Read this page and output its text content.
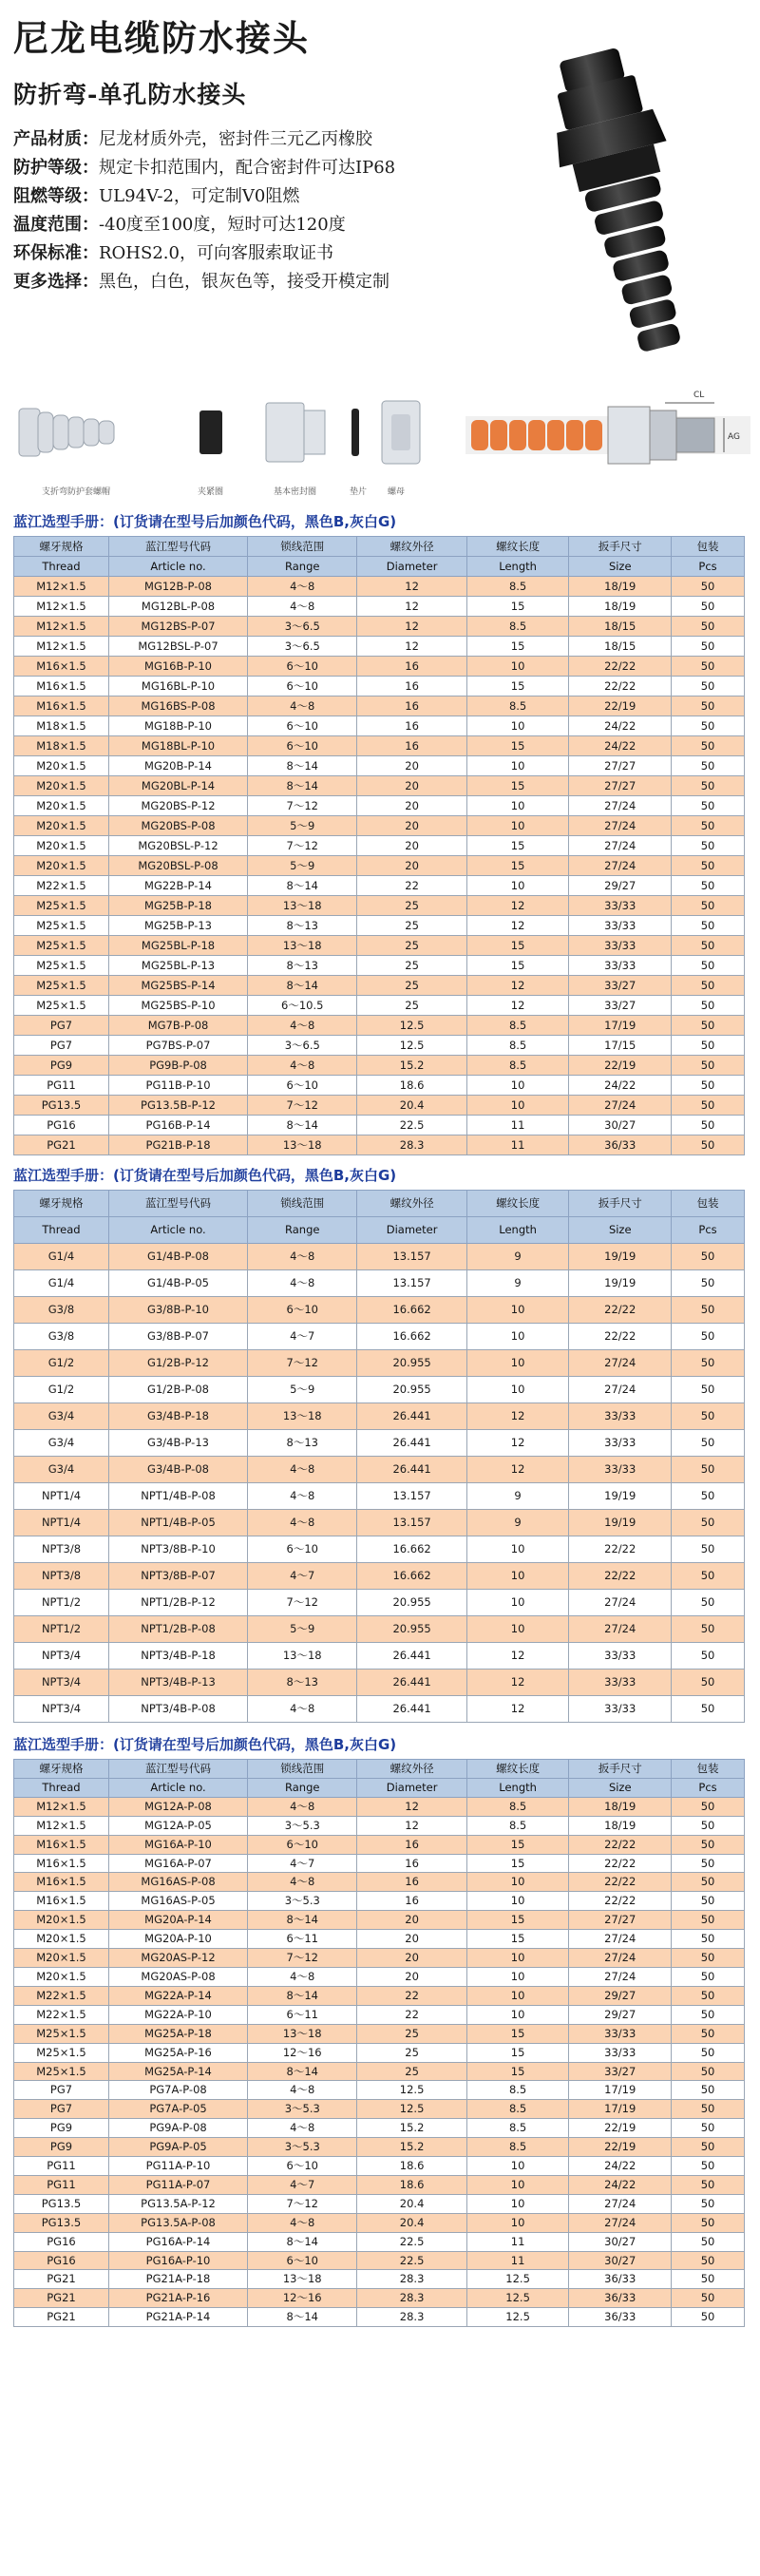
尼龙电缆防水接头
防折弯-单孔防水接头
产品材质：尼龙材质外壳，密封件三元乙丙橡胶
防护等级：规定卡扣范围内，配合密封件可达IP68
阻燃等级：UL94V-2，可定制V0阻燃
温度范围：-40度至100度，短时可达120度
环保标准：ROHS2.0，可向客服索取证书
更多选择：黑色，白色，银灰色等，接受开模定制
支折弯防护套螺帽	夹紧圈	基本密封圈	垫片 螺母
CL
AG
蓝江选型手册：(订货请在型号后加颜色代码，黑色B,灰白G)
螺牙规格	蓝江型号代码	锁线范围	螺纹外径	螺纹长度	扳手尺寸	包装
Thread	Article no.	Range	Diameter	Length	Size	Pcs
M12×1.5	MG12B-P-08	4～8	12	8.5	18/19	50
M12×1.5	MG12BL-P-08	4～8	12	15	18/19	50
M12×1.5	MG12BS-P-07	3～6.5	12	8.5	18/15	50
M12×1.5	MG12BSL-P-07	3～6.5	12	15	18/15	50
M16×1.5	MG16B-P-10	6～10	16	10	22/22	50
M16×1.5	MG16BL-P-10	6～10	16	15	22/22	50
M16×1.5	MG16BS-P-08	4～8	16	8.5	22/19	50
M18×1.5	MG18B-P-10	6～10	16	10	24/22	50
M18×1.5	MG18BL-P-10	6～10	16	15	24/22	50
M20×1.5	MG20B-P-14	8～14	20	10	27/27	50
M20×1.5	MG20BL-P-14	8～14	20	15	27/27	50
M20×1.5	MG20BS-P-12	7～12	20	10	27/24	50
M20×1.5	MG20BS-P-08	5～9	20	10	27/24	50
M20×1.5	MG20BSL-P-12	7～12	20	15	27/24	50
M20×1.5	MG20BSL-P-08	5～9	20	15	27/24	50
M22×1.5	MG22B-P-14	8～14	22	10	29/27	50
M25×1.5	MG25B-P-18	13～18	25	12	33/33	50
M25×1.5	MG25B-P-13	8～13	25	12	33/33	50
M25×1.5	MG25BL-P-18	13～18	25	15	33/33	50
M25×1.5	MG25BL-P-13	8～13	25	15	33/33	50
M25×1.5	MG25BS-P-14	8～14	25	12	33/27	50
M25×1.5	MG25BS-P-10	6～10.5	25	12	33/27	50
PG7	MG7B-P-08	4～8	12.5	8.5	17/19	50
PG7	PG7BS-P-07	3～6.5	12.5	8.5	17/15	50
PG9	PG9B-P-08	4～8	15.2	8.5	22/19	50
PG11	PG11B-P-10	6～10	18.6	10	24/22	50
PG13.5	PG13.5B-P-12	7～12	20.4	10	27/24	50
PG16	PG16B-P-14	8～14	22.5	11	30/27	50
PG21	PG21B-P-18	13～18	28.3	11	36/33	50
蓝江选型手册：(订货请在型号后加颜色代码，黑色B,灰白G)
螺牙规格	蓝江型号代码	锁线范围	螺纹外径	螺纹长度	扳手尺寸	包装
Thread	Article no.	Range	Diameter	Length	Size	Pcs
G1/4	G1/4B-P-08	4～8	13.157	9	19/19	50
G1/4	G1/4B-P-05	4～8	13.157	9	19/19	50
G3/8	G3/8B-P-10	6～10	16.662	10	22/22	50
G3/8	G3/8B-P-07	4～7	16.662	10	22/22	50
G1/2	G1/2B-P-12	7～12	20.955	10	27/24	50
G1/2	G1/2B-P-08	5～9	20.955	10	27/24	50
G3/4	G3/4B-P-18	13～18	26.441	12	33/33	50
G3/4	G3/4B-P-13	8～13	26.441	12	33/33	50
G3/4	G3/4B-P-08	4～8	26.441	12	33/33	50
NPT1/4	NPT1/4B-P-08	4～8	13.157	9	19/19	50
NPT1/4	NPT1/4B-P-05	4～8	13.157	9	19/19	50
NPT3/8	NPT3/8B-P-10	6～10	16.662	10	22/22	50
NPT3/8	NPT3/8B-P-07	4～7	16.662	10	22/22	50
NPT1/2	NPT1/2B-P-12	7～12	20.955	10	27/24	50
NPT1/2	NPT1/2B-P-08	5～9	20.955	10	27/24	50
NPT3/4	NPT3/4B-P-18	13～18	26.441	12	33/33	50
NPT3/4	NPT3/4B-P-13	8～13	26.441	12	33/33	50
NPT3/4	NPT3/4B-P-08	4～8	26.441	12	33/33	50
蓝江选型手册：(订货请在型号后加颜色代码，黑色B,灰白G)
螺牙规格	蓝江型号代码	锁线范围	螺纹外径	螺纹长度	扳手尺寸	包装
Thread	Article no.	Range	Diameter	Length	Size	Pcs
M12×1.5	MG12A-P-08	4～8	12	8.5	18/19	50
M12×1.5	MG12A-P-05	3～5.3	12	8.5	18/19	50
M16×1.5	MG16A-P-10	6～10	16	15	22/22	50
M16×1.5	MG16A-P-07	4～7	16	15	22/22	50
M16×1.5	MG16AS-P-08	4～8	16	10	22/22	50
M16×1.5	MG16AS-P-05	3～5.3	16	10	22/22	50
M20×1.5	MG20A-P-14	8～14	20	15	27/27	50
M20×1.5	MG20A-P-10	6～11	20	15	27/24	50
M20×1.5	MG20AS-P-12	7～12	20	10	27/24	50
M20×1.5	MG20AS-P-08	4～8	20	10	27/24	50
M22×1.5	MG22A-P-14	8～14	22	10	29/27	50
M22×1.5	MG22A-P-10	6～11	22	10	29/27	50
M25×1.5	MG25A-P-18	13～18	25	15	33/33	50
M25×1.5	MG25A-P-16	12～16	25	15	33/33	50
M25×1.5	MG25A-P-14	8～14	25	15	33/27	50
PG7	PG7A-P-08	4～8	12.5	8.5	17/19	50
PG7	PG7A-P-05	3～5.3	12.5	8.5	17/19	50
PG9	PG9A-P-08	4～8	15.2	8.5	22/19	50
PG9	PG9A-P-05	3～5.3	15.2	8.5	22/19	50
PG11	PG11A-P-10	6～10	18.6	10	24/22	50
PG11	PG11A-P-07	4～7	18.6	10	24/22	50
PG13.5	PG13.5A-P-12	7～12	20.4	10	27/24	50
PG13.5	PG13.5A-P-08	4～8	20.4	10	27/24	50
PG16	PG16A-P-14	8～14	22.5	11	30/27	50
PG16	PG16A-P-10	6～10	22.5	11	30/27	50
PG21	PG21A-P-18	13～18	28.3	12.5	36/33	50
PG21	PG21A-P-16	12～16	28.3	12.5	36/33	50
PG21	PG21A-P-14	8～14	28.3	12.5	36/33	50
